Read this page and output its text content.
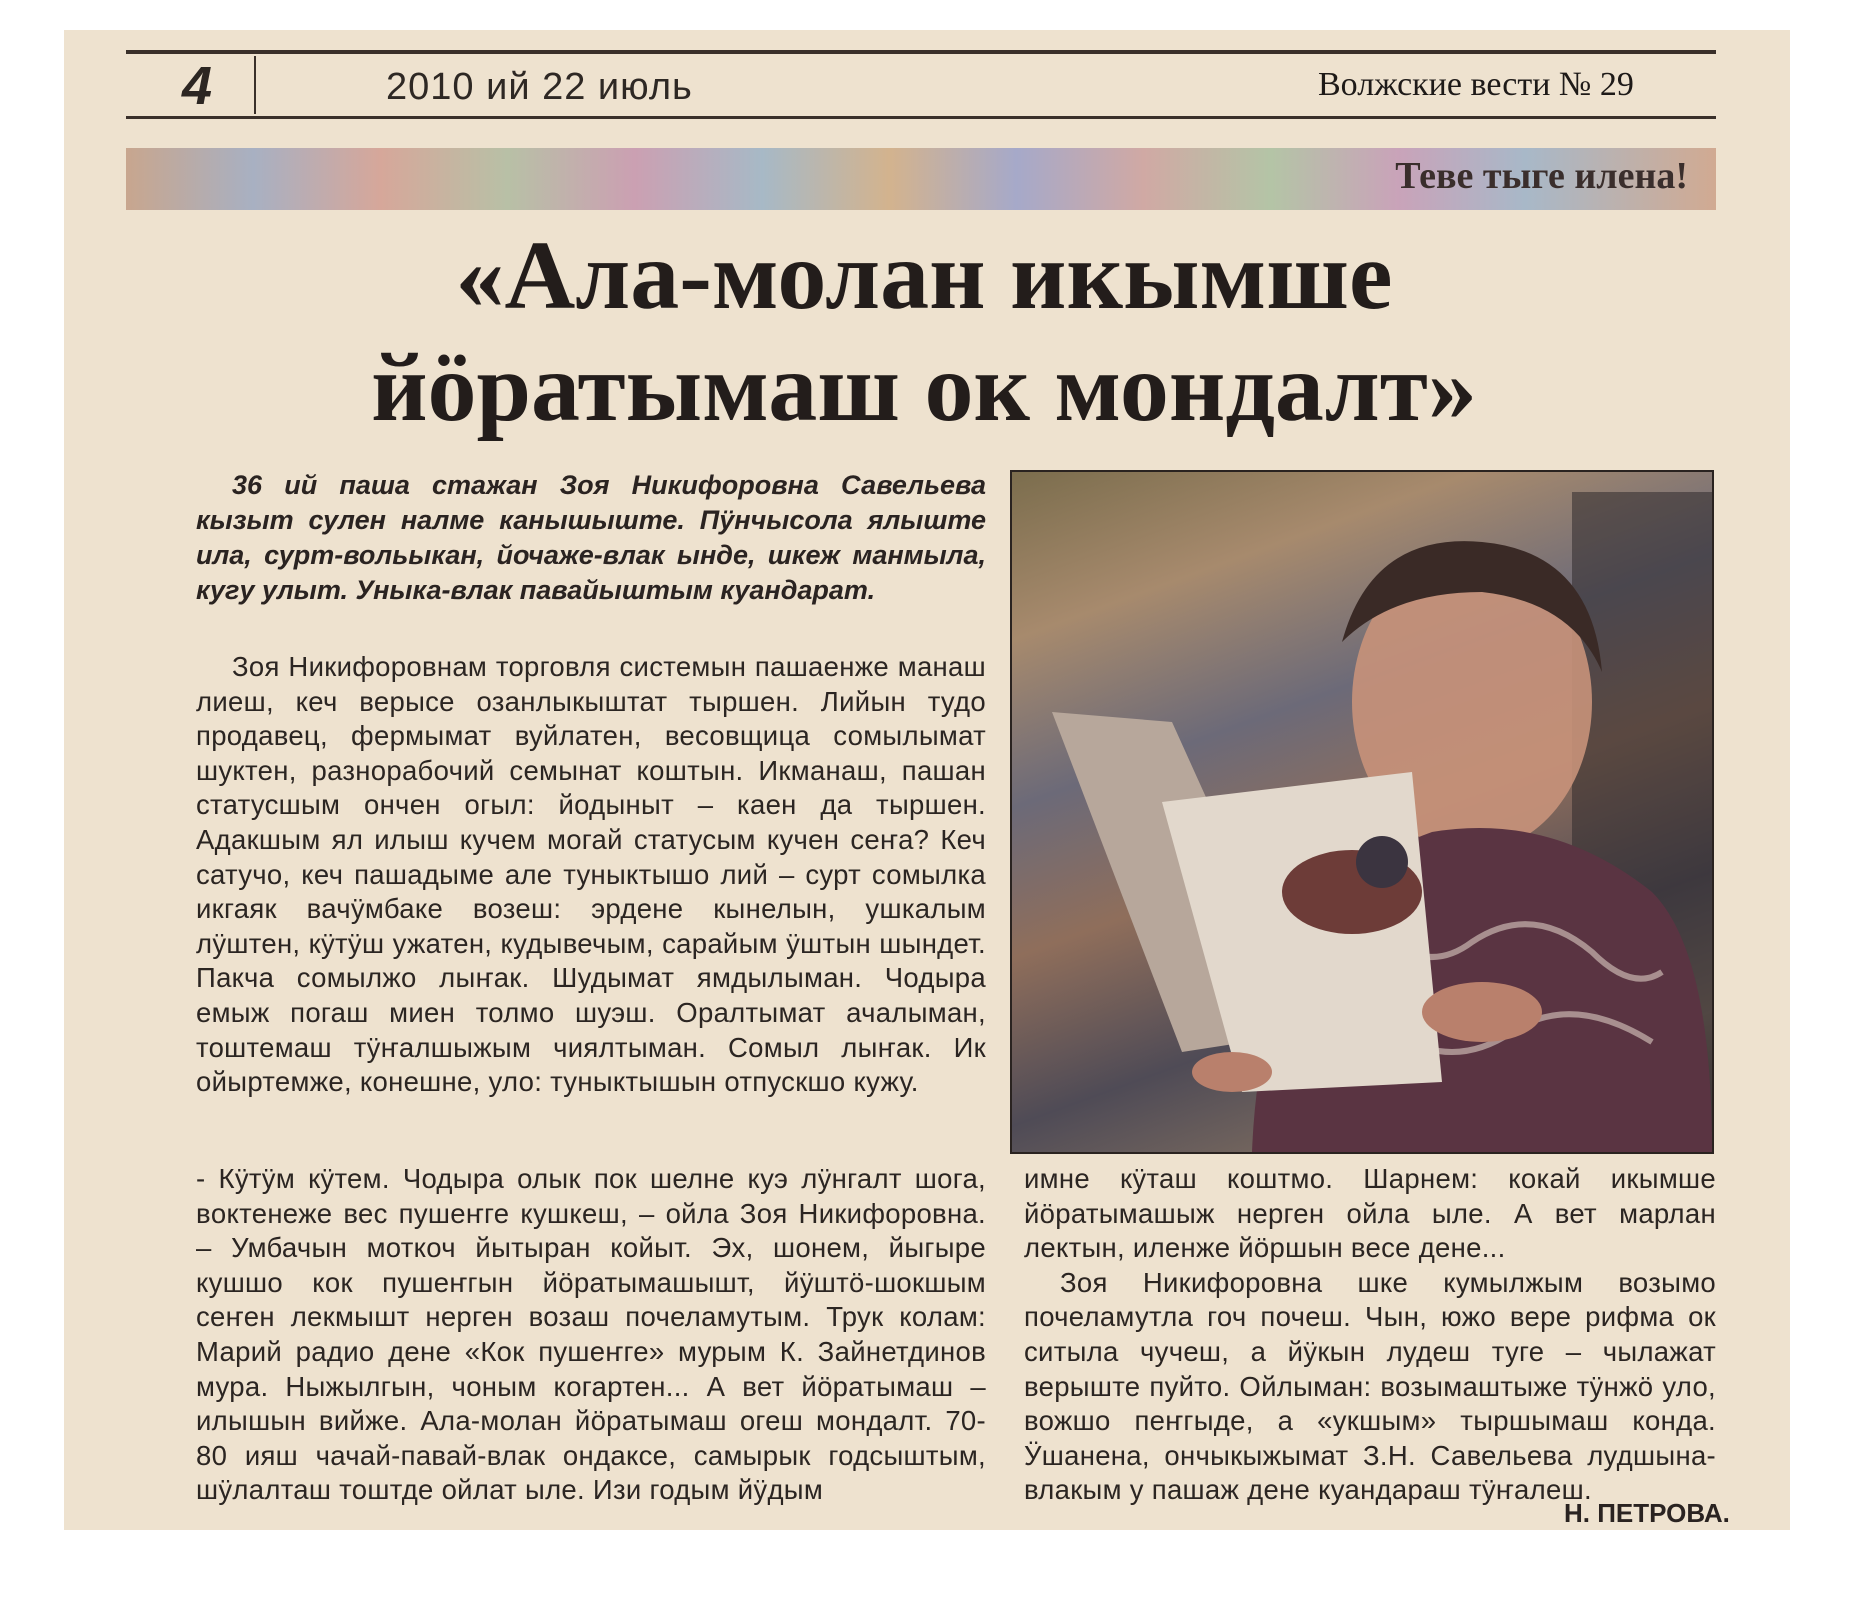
4	2010 ий 22 июль	Волжские вести № 29
Теве тыге илена!
«Ала-молан икымше
йӧратымаш ок мондалт»

36 ий паша стажан Зоя Никифоровна Савельева кызыт сулен налме канышыште. Пӱнчысола ялыште ила, сурт-вольыкан, йочаже-влак ынде, шкеж манмыла, кугу улыт. Уныка-влак павайыштым куандарат.

Зоя Никифоровнам торговля системын пашаенже манаш лиеш, кеч верысе озанлыкыштат тыршен. Лийын тудо продавец, фермымат вуйлатен, весовщица сомылымат шуктен, разнорабочий семынат коштын. Икманаш, пашан статусшым ончен огыл: йодыныт – каен да тыршен. Адакшым ял илыш кучем могай статусым кучен сеҥа? Кеч сатучо, кеч пашадыме але туныктышо лий – сурт сомылка икгаяк вачӱмбаке возеш: эрдене кынелын, ушкалым лӱштен, кӱтӱш ужатен, кудывечым, сарайым ӱштын шындет. Пакча сомылжо лыҥак. Шудымат ямдылыман. Чодыра емыж погаш миен толмо шуэш. Оралтымат ачалыман, тоштемаш тӱҥалшыжым чиялтыман. Сомыл лыҥак. Ик ойыртемже, конешне, уло: туныктышын отпускшо кужу.

- Кӱтӱм кӱтем. Чодыра олык пок шелне куэ лӱнгалт шога, вoктенеже вес пушеҥге кушкеш, – ойла Зоя Никифоровна. – Умбачын моткоч йытыран койыт. Эх, шонем, йыгыре кушшо кок пушеҥгын йӧратымашышт, йӱштӧ-шокшым сеҥен лекмышт нерген возаш почеламутым. Трук колам: Марий радио дене «Кок пушеҥге» мурым К. Зайнетдинов мура. Ныжылгын, чоным когартен... А вет йӧратымаш – илышын вийже. Ала-молан йӧратымаш огеш мондалт. 70-80 ияш чачай-павай-влак ондаксе, самырык годсыштым, шӱлалташ тоштде ойлат ыле. Изи годым йӱдым

имне кӱташ коштмо. Шарнем: кокай икымше йӧратымашыж нерген ойла ыле. А вет марлан лектын, иленже йӧршын весе дене...

Зоя Никифоровна шке кумылжым возымо почеламутла гоч почеш. Чын, южо вере рифма ок ситыла чучеш, а йӱкын лудеш туге – чылажат верыште пуйто. Ойлыман: возымаштыже тӱнжӧ уло, вожшо пеҥгыде, а «укшым» тыршымаш конда. Ӱшанена, ончыкыжымат З.Н. Савельева лудшына-влакым у пашаж дене куандараш тӱҥалеш.

Н. ПЕТРОВА.
